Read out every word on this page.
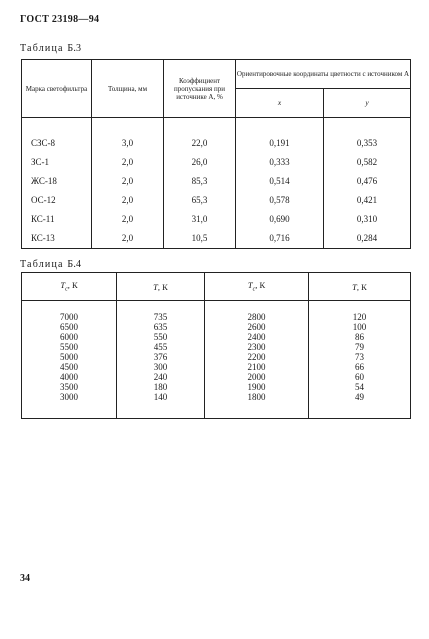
ГОСТ 23198—94
Таблица Б.3
Марка светофильтра	Толщина, мм	Коэффициент пропускания при источнике А, %	Ориентировочные координаты цветности с источником А	
			x	y

СЗС-8	3,0	22,0	0,191	0,353
ЗС-1	2,0	26,0	0,333	0,582
ЖС-18	2,0	85,3	0,514	0,476
ОС-12	2,0	65,3	0,578	0,421
КС-11	2,0	31,0	0,690	0,310
КС-13	2,0	10,5	0,716	0,284
Таблица Б.4
$T_c$, К	T, К	$T_c$, К	T, К

7000	735	2800	120
6500	635	2600	100
6000	550	2400	86
5500	455	2300	79
5000	376	2200	73
4500	300	2100	66
4000	240	2000	60
3500	180	1900	54
3000	140	1800	49

34
